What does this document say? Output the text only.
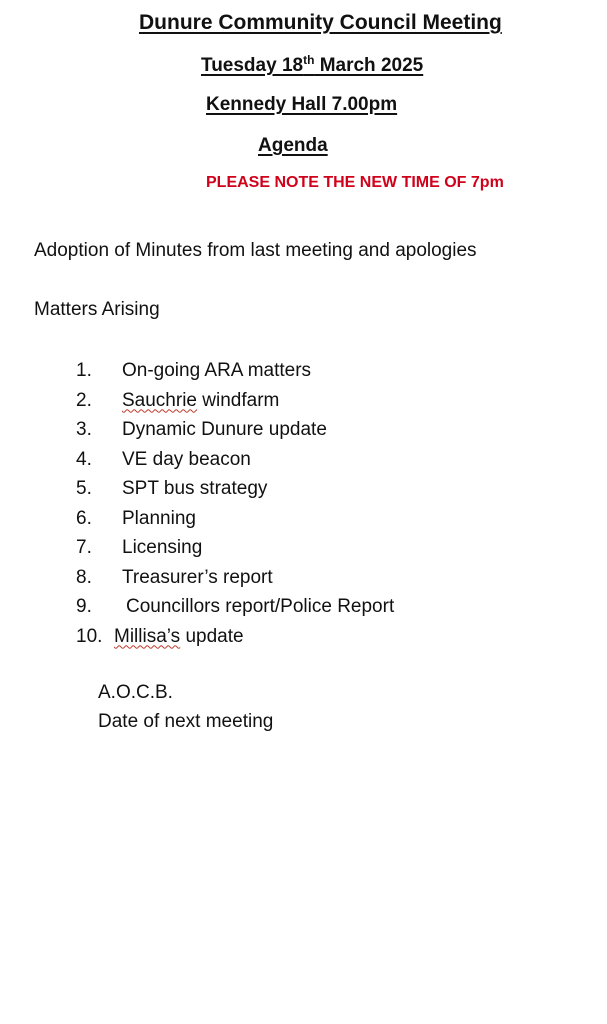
Dunure Community Council Meeting
Tuesday 18th March 2025
Kennedy Hall 7.00pm
Agenda
PLEASE NOTE THE NEW TIME OF 7pm
Adoption of Minutes from last meeting and apologies
Matters Arising
1. On-going ARA matters
2. Sauchrie windfarm
3. Dynamic Dunure update
4. VE day beacon
5. SPT bus strategy
6. Planning
7. Licensing
8. Treasurer’s report
9. Councillors report/Police Report
10. Millisa’s update
A.O.C.B.
Date of next meeting
